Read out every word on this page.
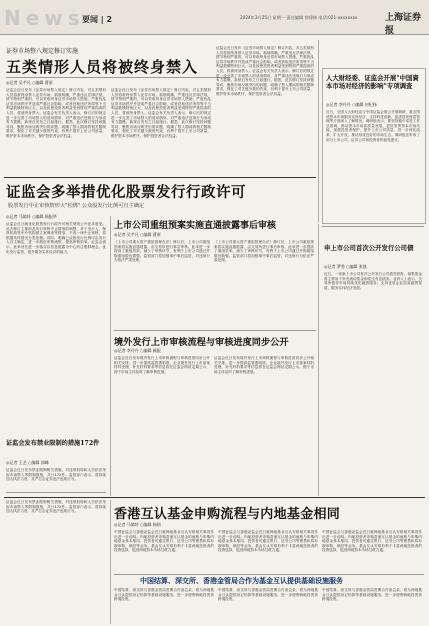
News
要闻 | 2	2024年3月25日 星期一 责任编辑 徐建林 电话:021-xxxxxxxx	上海证券报
证券市场整八规定修订实施
五类情形人员将被终身禁入
◎记者 吴芊凡 ○编辑 曹原
证监会近日发布《证券市场禁入规定》修订内容，对五类情形人员将被终身禁入证券市场。新规明确，严重违反法律法规，情节特别严重的，可以采取终身证券市场禁入措施，严重扰乱证券市场秩序并造成严重社会影响，或者获取违法所得等不当利益数额特别巨大，以及致使投资者利益受到特别严重损害的人员，将被终身禁入。证监会有关负责人表示，修订后的规定进一步完善了市场禁入的适用情形，对严重违法违规行为形成有力震慑。新规自发布之日起施行。据悉，此次修订坚持问题导向，聚焦市场反映突出的问题，明确了禁入期间的相关限制要求，强化了对关键少数的约束，有利于提升上市公司质量，维护资本市场秩序，保护投资者合法权益。
证监会近日发布《证券市场禁入规定》修订内容，对五类情形人员将被终身禁入证券市场。新规明确，严重违反法律法规，情节特别严重的，可以采取终身证券市场禁入措施，严重扰乱证券市场秩序并造成严重社会影响，或者获取违法所得等不当利益数额特别巨大，以及致使投资者利益受到特别严重损害的人员，将被终身禁入。证监会有关负责人表示，修订后的规定进一步完善了市场禁入的适用情形，对严重违法违规行为形成有力震慑。新规自发布之日起施行。据悉，此次修订坚持问题导向，聚焦市场反映突出的问题，明确了禁入期间的相关限制要求，强化了对关键少数的约束，有利于提升上市公司质量，维护资本市场秩序，保护投资者合法权益。
人大财经委、证监会开展"中国資本市场对经济的影响"专项调查
◎记者 李丹丹 ○编辑 何纪扬
近日，全国人大财经委与中国证监会联合开展调研，重点围绕资本市场服务实体经济、支持科技创新、促进居民财富管理等方面深入了解情况。调研组表示，要坚持稳中求进工作总基调，推动资本市场高质量发展，更好发挥资本市场功能，加强投资者保护，提升上市公司质量，进一步深化改革，扩大开放，推动形成良好的市场生态。调研组还听取了部分上市公司、证券公司和投资者的意见建议。
证监会近日发布《证券市场禁入规定》修订内容，对五类情形人员将被终身禁入证券市场。新规明确，严重违反法律法规，情节特别严重的，可以采取终身证券市场禁入措施，严重扰乱证券市场秩序并造成严重社会影响，或者获取违法所得等不当利益数额特别巨大，以及致使投资者利益受到特别严重损害的人员，将被终身禁入。证监会有关负责人表示，修订后的规定进一步完善了市场禁入的适用情形，对严重违法违规行为形成有力震慑。新规自发布之日起施行。据悉，此次修订坚持问题导向，聚焦市场反映突出的问题，明确了禁入期间的相关限制要求，强化了对关键少数的约束，有利于提升上市公司质量，维护资本市场秩序，保护投资者合法权益。
证监会多举措优化股票发行行政许可
股票发行中止审核情形大"松绑" 公众股发行比例可自主确定
◎记者 马婧妤 ○编辑 顾振华
证监会近日就优化股票发行行政许可相关规则公开征求意见。此次修订主要涉及发行审核中止情形的调整，对于发行人、保荐机构等中介机构被立案调查等情形，不再一律中止审核，将根据具体情况分类处理。同时，明确公众股发行比例可由发行人自主确定，进一步简化审核流程，提高审核效率。证监会表示，此举旨在进一步落实以信息披露为中心的注册制理念，优化发行监管，提升服务实体经济的能力。
上市公司重组预案实施直通披露事后审核
◎记者 吴芊凡 ○编辑 曹原
《上市公司重大资产重组管理办法》修订后，上市公司重组预案将实施直通披露，由交易所进行事后审核。此举进一步提高了重组效率，减少了审核环节，有利于上市公司通过并购重组做优做强。监管部门将加强事中事后监管，对违规行为依法严肃处理。
《上市公司重大资产重组管理办法》修订后，上市公司重组预案将实施直通披露，由交易所进行事后审核。此举进一步提高了重组效率，减少了审核环节，有利于上市公司通过并购重组做优做强。监管部门将加强事中事后监管，对违规行为依法严肃处理。
境外发行上市审核流程与审核进度同步公开
◎记者 李丹丹 ○编辑 颜振
证监会近日发布境外发行上市审核流程与审核进度同步公开相关安排，进一步提高监管透明度。企业境外发行上市备案材料受理、补充材料要求等信息将在证监会网站定期公示，便于市场主体及时了解审核进展。
证监会近日发布境外发行上市审核流程与审核进度同步公开相关安排，进一步提高监管透明度。企业境外发行上市备案材料受理、补充材料要求等信息将在证监会网站定期公示，便于市场主体及时了解审核进展。
申上市公司首次公开发行公司债
◎记者 罗秀 ○编辑 张凯
近日，一家新上市公司首次公开发行公司债券获批，募集资金将主要用于补充流动资金和偿还有息债务。业内人士表示，交易所债券市场持续优化融资服务，支持优质企业拓宽融资渠道，服务实体经济发展。
证监会发布禁业限制的措施172件
◎记者 王艺 ○编辑 郭峰
证监会近日发布禁业限制相关措施，对违规机构和人员依法采取市场禁入等限制措施，共计172件。监管部门表示，将持续加大执法力度，从严打击证券违法违规行为。
证监会近日发布禁业限制相关措施，对违规机构和人员依法采取市场禁入等限制措施，共计172件。监管部门表示，将持续加大执法力度，从严打击证券违法违规行为。	香港互认基金申购流程与内地基金相同
◎记者 马婧妤 ○编辑 杨炳
中国证监会与香港证监会近日就两地基金互认安排相关事项作出进一步说明。内地投资者申购香港互认基金的流程与申购内地基金基本相同，投资者可通过银行、证券公司等销售机构办理申购、赎回等业务。基金互认安排有利于丰富两地投资者的投资选择，促进两地资本市场互联互通。
中国证监会与香港证监会近日就两地基金互认安排相关事项作出进一步说明。内地投资者申购香港互认基金的流程与申购内地基金基本相同，投资者可通过银行、证券公司等销售机构办理申购、赎回等业务。基金互认安排有利于丰富两地投资者的投资选择，促进两地资本市场互联互通。
中国证监会与香港证监会近日就两地基金互认安排相关事项作出进一步说明。内地投资者申购香港互认基金的流程与申购内地基金基本相同，投资者可通过银行、证券公司等销售机构办理申购、赎回等业务。基金互认安排有利于丰富两地投资者的投资选择，促进两地资本市场互联互通。
中国结算、深交所、香港金管局合作为基金互认提供基础设施服务
中国结算、深交所与香港金管局签署合作备忘录，将为两地基金互认提供登记结算等基础设施服务，进一步便利两地投资者跨境投资。
中国结算、深交所与香港金管局签署合作备忘录，将为两地基金互认提供登记结算等基础设施服务，进一步便利两地投资者跨境投资。
中国结算、深交所与香港金管局签署合作备忘录，将为两地基金互认提供登记结算等基础设施服务，进一步便利两地投资者跨境投资。
